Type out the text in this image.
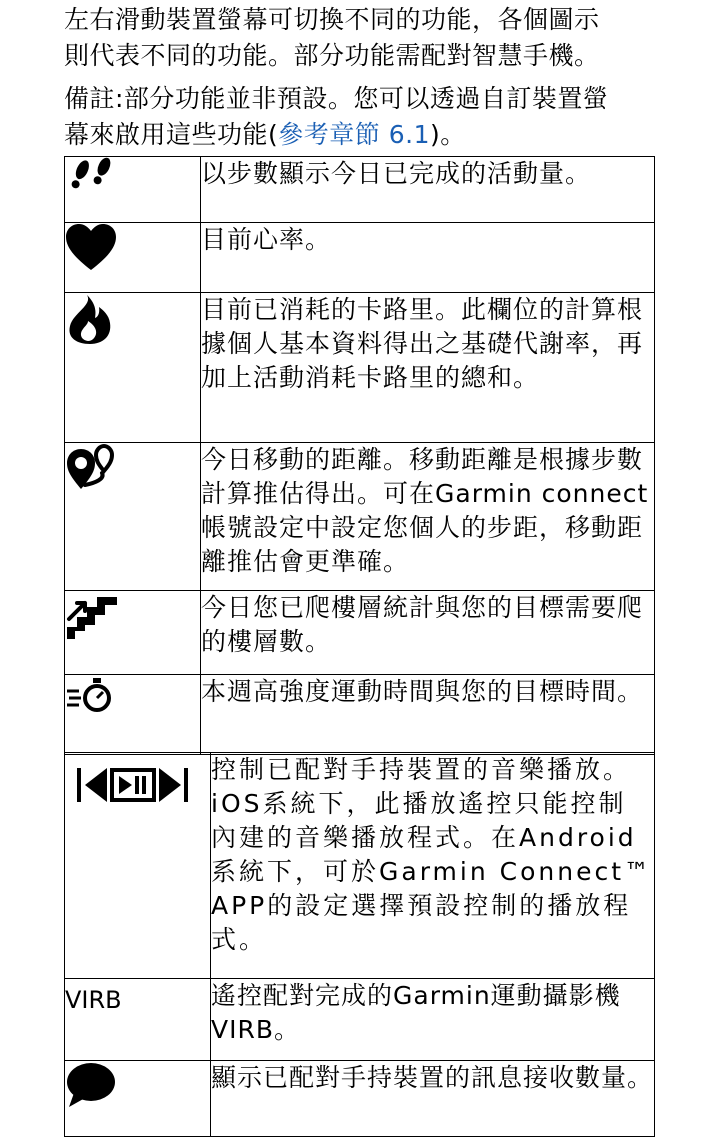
左右滑動裝置螢幕可切換不同的功能，各個圖示
則代表不同的功能。部分功能需配對智慧手機。

備註:部分功能並非預設。您可以透過自訂裝置螢
幕來啟用這些功能(參考章節 6.1)。

	以步數顯示今日已完成的活動量。

	目前心率。

	目前已消耗的卡路里。此欄位的計算根據個人基本資料得出之基礎代謝率，再加上活動消耗卡路里的總和。

	今日移動的距離。移動距離是根據步數計算推估得出。可在Garmin connect帳號設定中設定您個人的步距，移動距離推估會更準確。

	今日您已爬樓層統計與您的目標需要爬的樓層數。

	本週高強度運動時間與您的目標時間。
	控制已配對手持裝置的音樂播放。iOS系統下，此播放遙控只能控制內建的音樂播放程式。在Android系統下，可於Garmin Connect™ APP的設定選擇預設控制的播放程式。

VIRB	遙控配對完成的Garmin運動攝影機VIRB。

	顯示已配對手持裝置的訊息接收數量。
